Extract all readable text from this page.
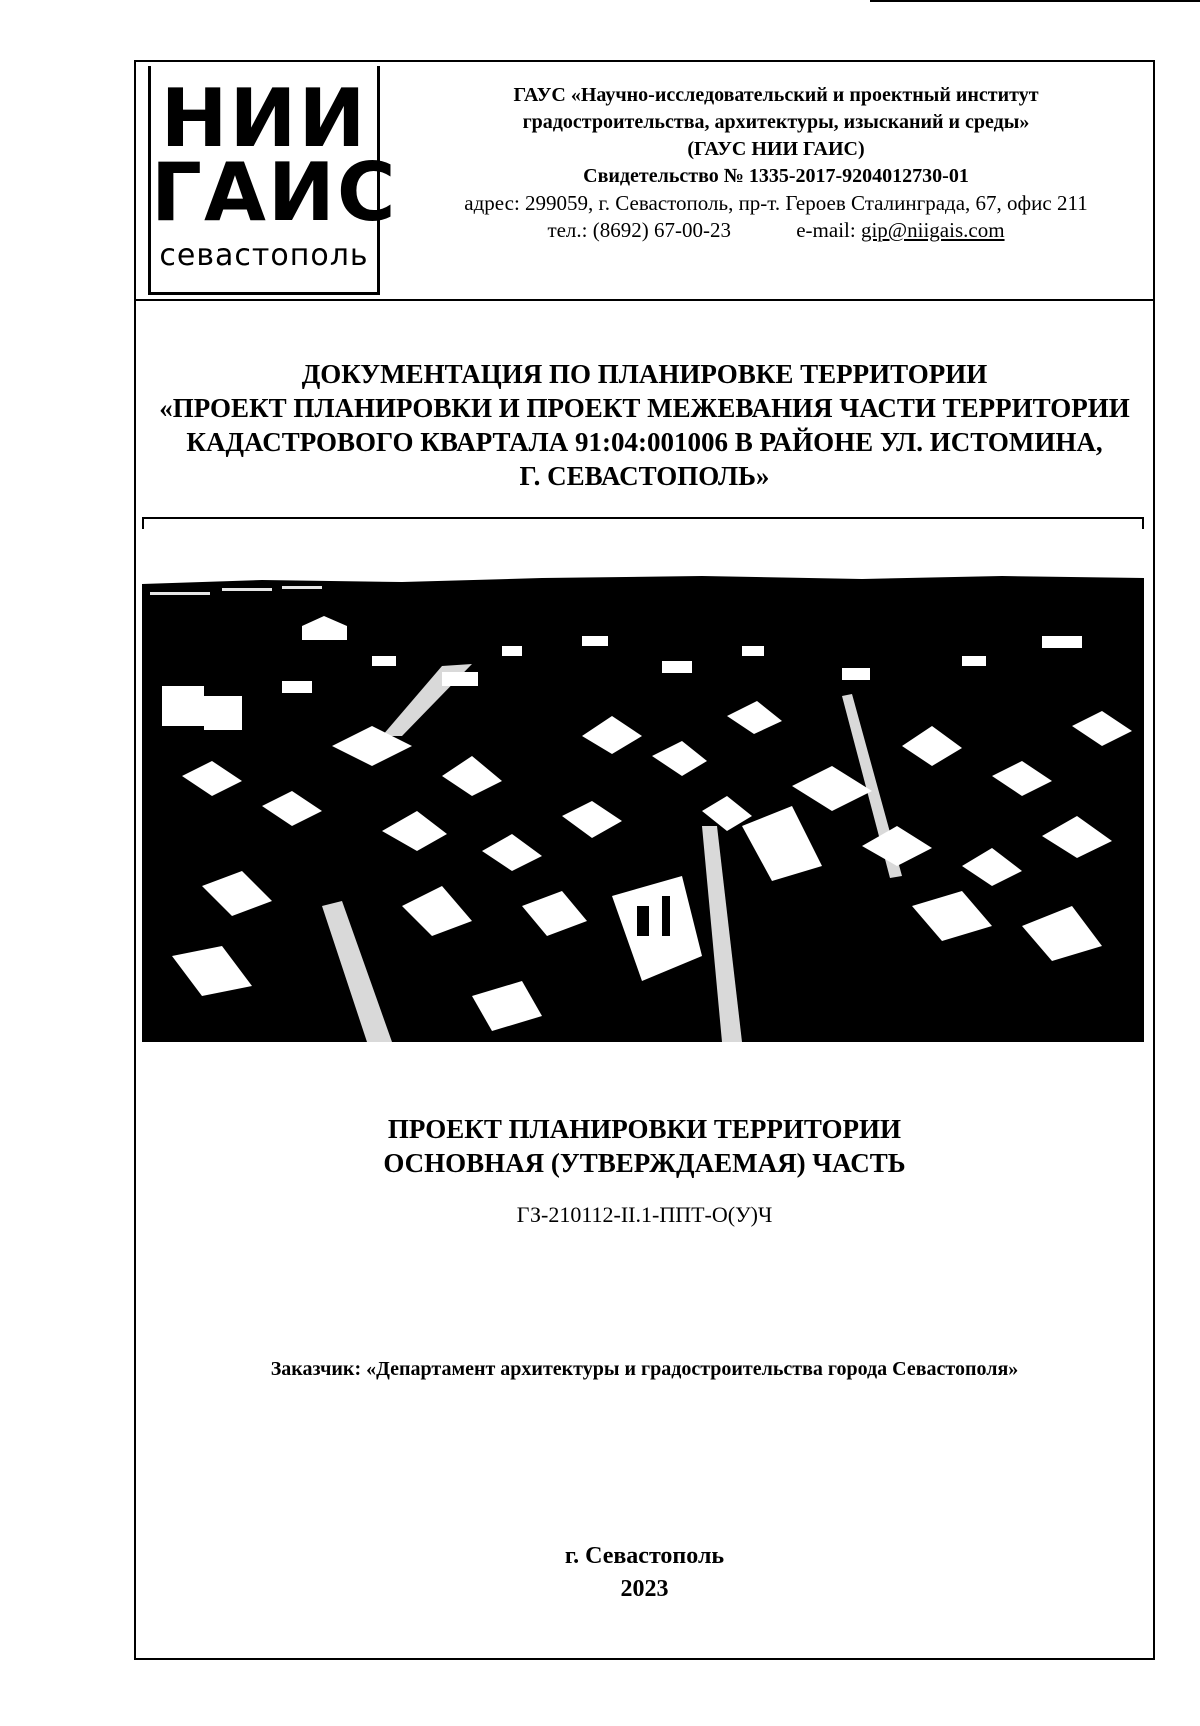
НИИ
ГАИС
севастополь
ГАУС «Научно-исследовательский и проектный институт
градостроительства, архитектуры, изысканий и среды»
(ГАУС НИИ ГАИС)
Свидетельство № 1335-2017-9204012730-01
адрес: 299059, г. Севастополь, пр-т. Героев Сталинграда, 67, офис 211
тел.: (8692) 67-00-23	e-mail: gip@niigais.com
ДОКУМЕНТАЦИЯ ПО ПЛАНИРОВКЕ ТЕРРИТОРИИ
«ПРОЕКТ ПЛАНИРОВКИ И ПРОЕКТ МЕЖЕВАНИЯ ЧАСТИ ТЕРРИТОРИИ
КАДАСТРОВОГО КВАРТАЛА 91:04:001006 В РАЙОНЕ УЛ. ИСТОМИНА,
Г. СЕВАСТОПОЛЬ»
ПРОЕКТ ПЛАНИРОВКИ ТЕРРИТОРИИ
ОСНОВНАЯ (УТВЕРЖДАЕМАЯ) ЧАСТЬ
ГЗ-210112-II.1-ППТ-О(У)Ч
Заказчик: «Департамент архитектуры и градостроительства города Севастополя»
г. Севастополь
2023
